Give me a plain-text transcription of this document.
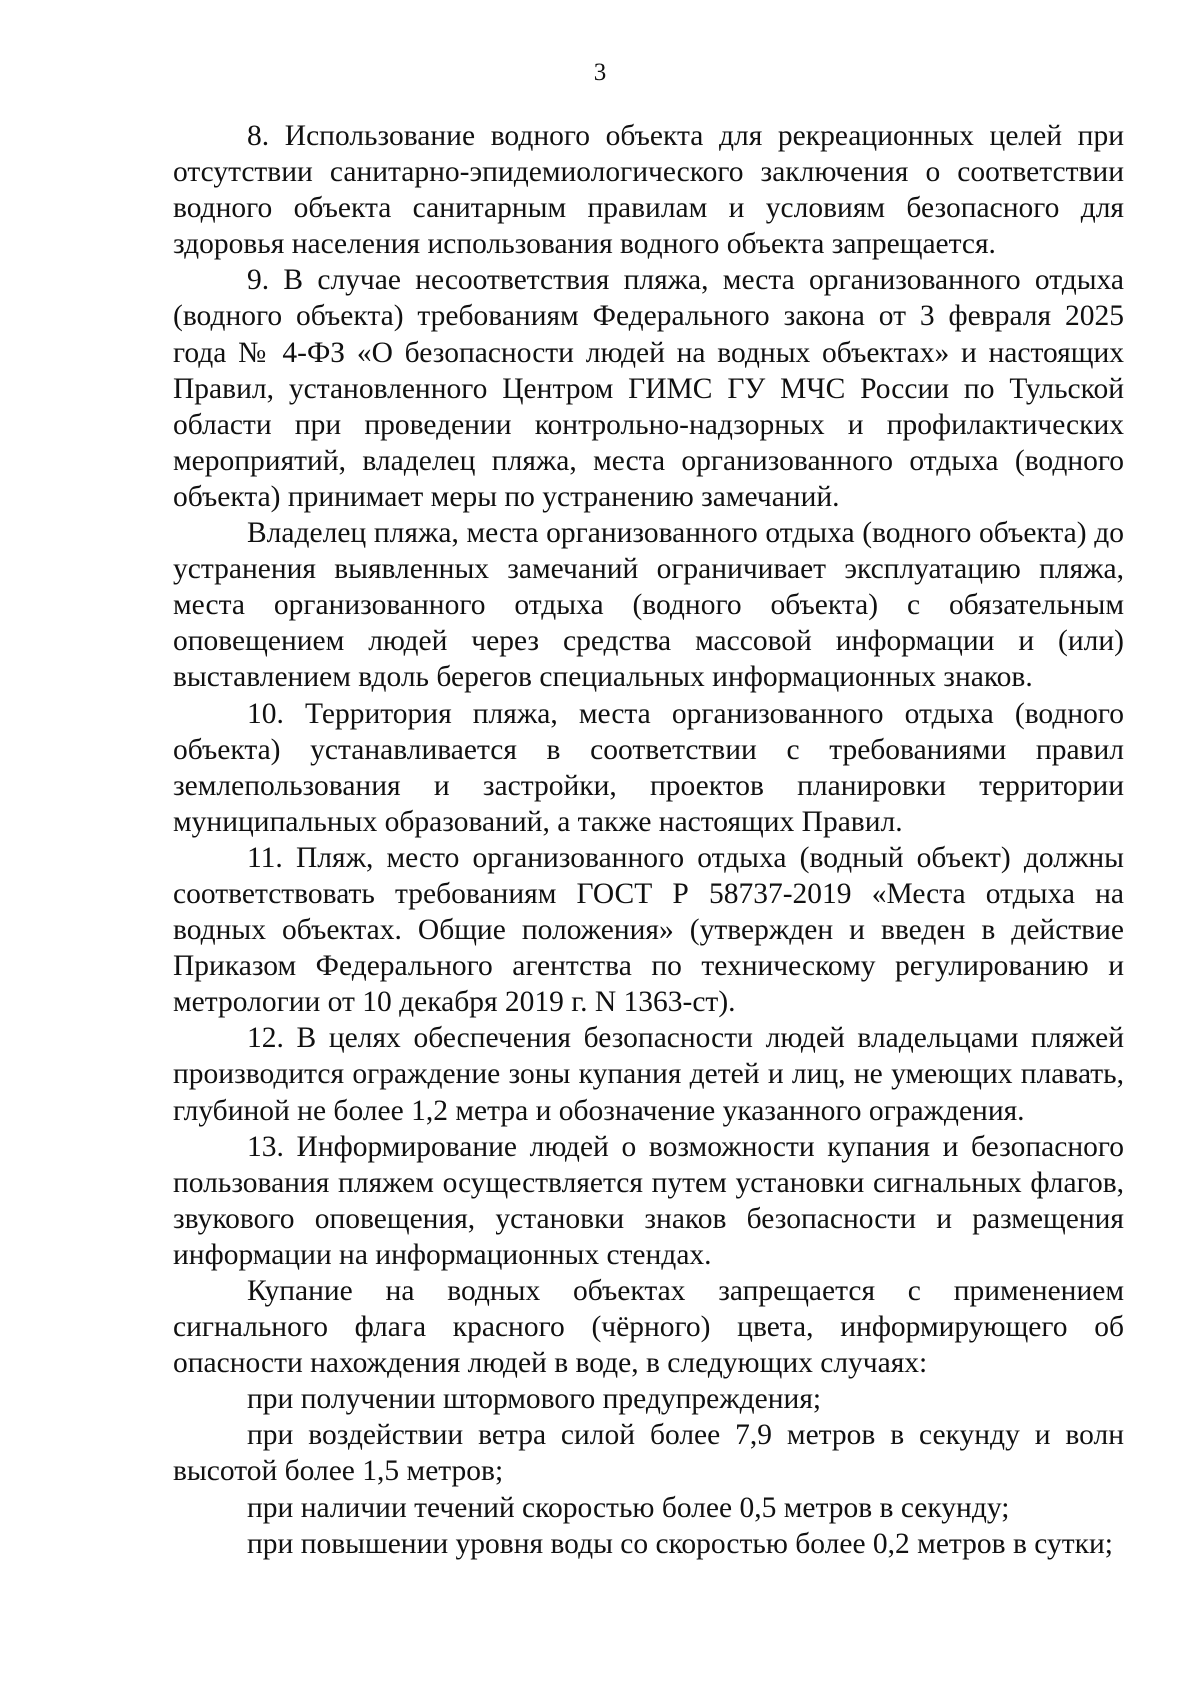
3

8. Использование водного объекта для рекреационных целей при отсутствии санитарно-эпидемиологического заключения о соответствии водного объекта санитарным правилам и условиям безопасного для здоровья населения использования водного объекта запрещается.

9. В случае несоответствия пляжа, места организованного отдыха (водного объекта) требованиям Федерального закона от 3 февраля 2025 года № 4-ФЗ «О безопасности людей на водных объектах» и настоящих Правил, установленного Центром ГИМС ГУ МЧС России по Тульской области при проведении контрольно-надзорных и профилактических мероприятий, владелец пляжа, места организованного отдыха (водного объекта) принимает меры по устранению замечаний.

Владелец пляжа, места организованного отдыха (водного объекта) до устранения выявленных замечаний ограничивает эксплуатацию пляжа, места организованного отдыха (водного объекта) с обязательным оповещением людей через средства массовой информации и (или) выставлением вдоль берегов специальных информационных знаков.

10. Территория пляжа, места организованного отдыха (водного объекта) устанавливается в соответствии с требованиями правил землепользования и застройки, проектов планировки территории муниципальных образований, а также настоящих Правил.

11. Пляж, место организованного отдыха (водный объект) должны соответствовать требованиям ГОСТ Р 58737-2019 «Места отдыха на водных объектах. Общие положения» (утвержден и введен в действие Приказом Федерального агентства по техническому регулированию и метрологии от 10 декабря 2019 г. N 1363-ст).

12. В целях обеспечения безопасности людей владельцами пляжей производится ограждение зоны купания детей и лиц, не умеющих плавать, глубиной не более 1,2 метра и обозначение указанного ограждения.

13. Информирование людей о возможности купания и безопасного пользования пляжем осуществляется путем установки сигнальных флагов, звукового оповещения, установки знаков безопасности и размещения информации на информационных стендах.

Купание на водных объектах запрещается с применением сигнального флага красного (чёрного) цвета, информирующего об опасности нахождения людей в воде, в следующих случаях:

при получении штормового предупреждения;

при воздействии ветра силой более 7,9 метров в секунду и волн высотой более 1,5 метров;

при наличии течений скоростью более 0,5 метров в секунду;

при повышении уровня воды со скоростью более 0,2 метров в сутки;
